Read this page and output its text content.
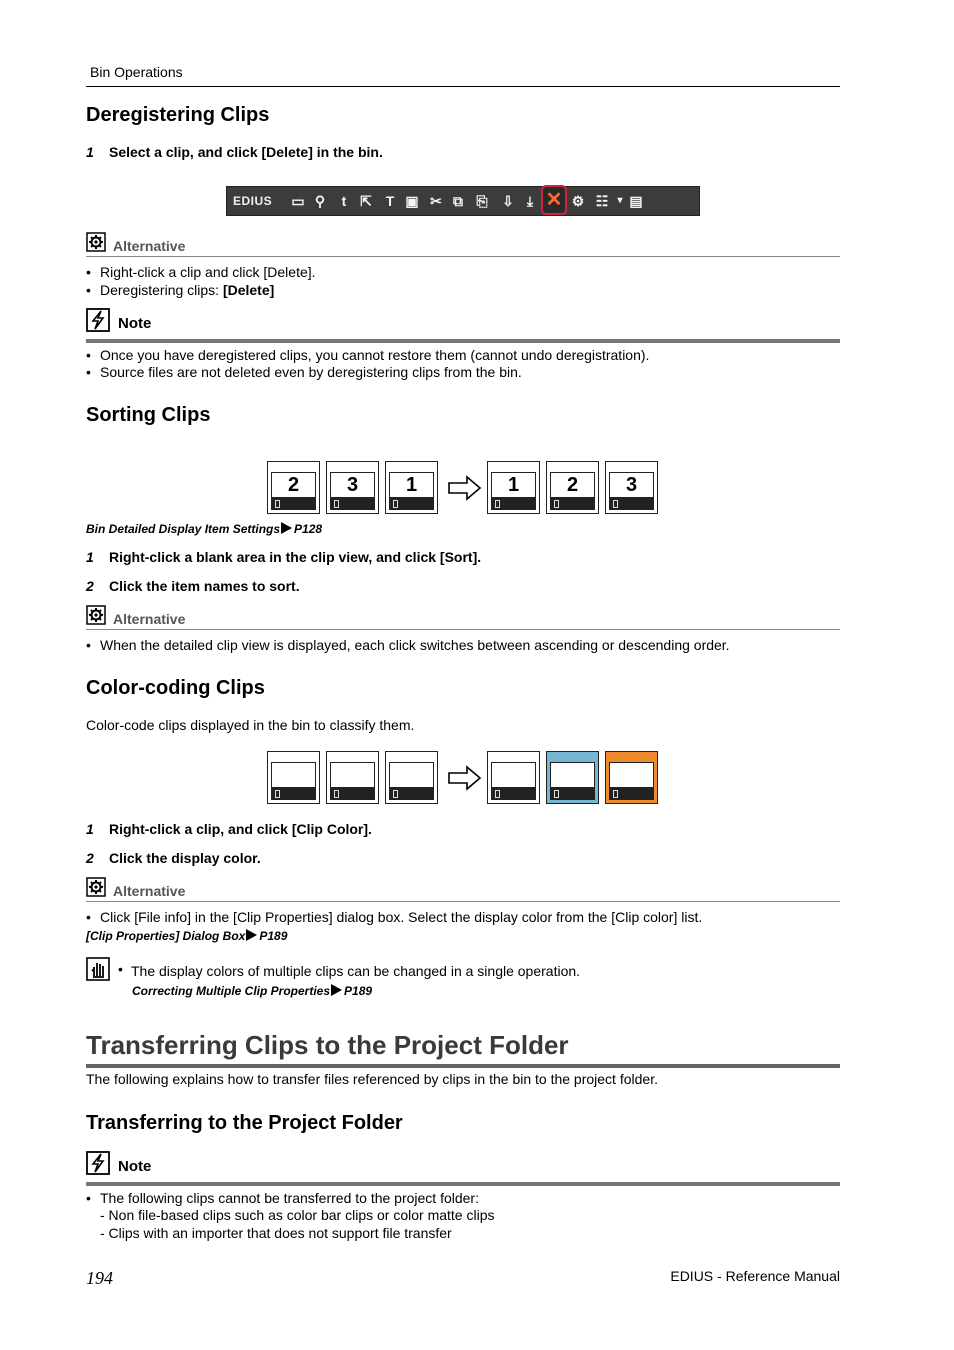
Bin Operations
Deregistering Clips
1 Select a clip, and click [Delete] in the bin.
EDIUS ▭ ⚲	t ⇱ T ▣ ✂ ⧉ ⎘ ⇩ ⤓ ✕ ⚙ ☷ ▾ ▤
Alternative
• Right-click a clip and click [Delete].
• Deregistering clips: [Delete]
Note
• Once you have deregistered clips, you cannot restore them (cannot undo deregistration).
• Source files are not deleted even by deregistering clips from the bin.
Sorting Clips
2	3	1	1	2	3
Bin Detailed Display Item Settings P128
1 Right-click a blank area in the clip view, and click [Sort].
2 Click the item names to sort.
Alternative
• When the detailed clip view is displayed, each click switches between ascending or descending order.
Color-coding Clips
Color-code clips displayed in the bin to classify them.
1 Right-click a clip, and click [Clip Color].
2 Click the display color.
Alternative
• Click [File info] in the [Clip Properties] dialog box. Select the display color from the [Clip color] list.
[Clip Properties] Dialog Box P189
• The display colors of multiple clips can be changed in a single operation.
Correcting Multiple Clip Properties P189
Transferring Clips to the Project Folder
The following explains how to transfer files referenced by clips in the bin to the project folder.
Transferring to the Project Folder
Note
• The following clips cannot be transferred to the project folder:
- Non file-based clips such as color bar clips or color matte clips
- Clips with an importer that does not support file transfer
194	EDIUS - Reference Manual
